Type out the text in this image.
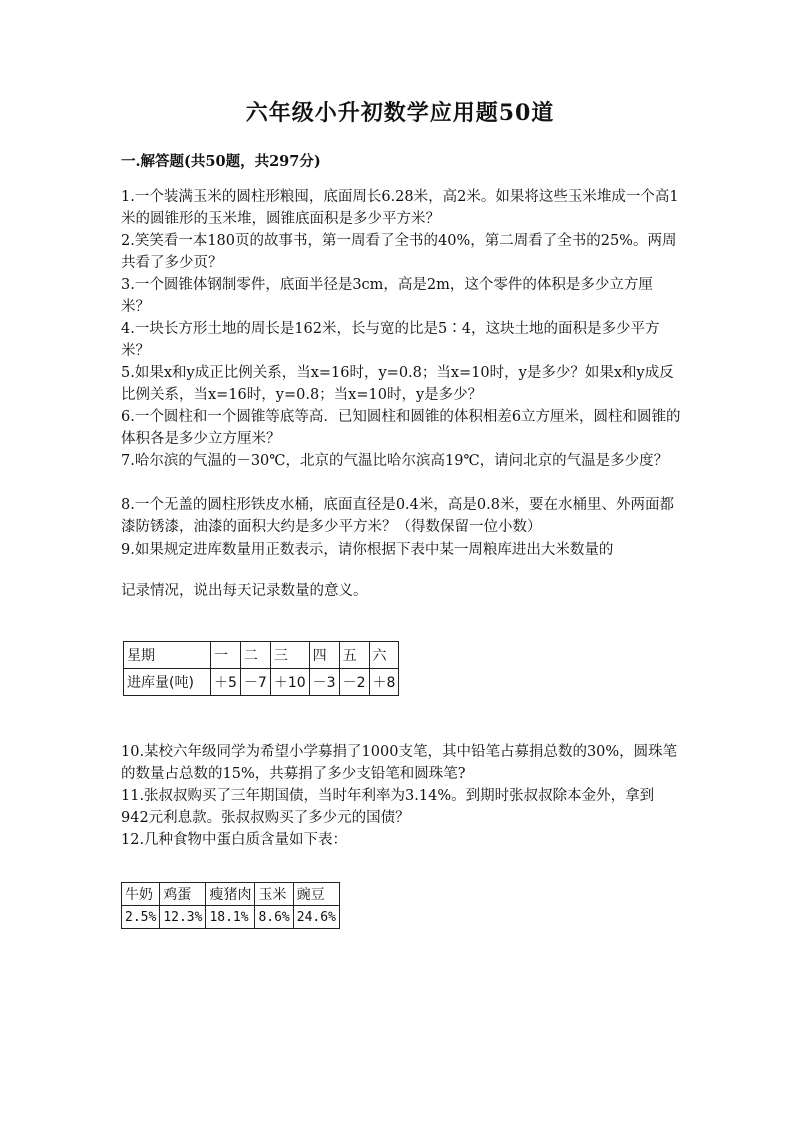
六年级小升初数学应用题50道
一.解答题(共50题，共297分)
1.一个装满玉米的圆柱形粮囤，底面周长6.28米，高2米。如果将这些玉米堆成一个高1米的圆锥形的玉米堆，圆锥底面积是多少平方米？
2.笑笑看一本180页的故事书，第一周看了全书的40%，第二周看了全书的25%。两周共看了多少页？
3.一个圆锥体钢制零件，底面半径是3cm，高是2m，这个零件的体积是多少立方厘米？
4.一块长方形土地的周长是162米，长与宽的比是5∶4，这块土地的面积是多少平方米？
5.如果x和y成正比例关系，当x=16时，y=0.8；当x=10时，y是多少？如果x和y成反比例关系，当x=16时，y=0.8；当x=10时，y是多少？
6.一个圆柱和一个圆锥等底等高．已知圆柱和圆锥的体积相差6立方厘米，圆柱和圆锥的体积各是多少立方厘米？
7.哈尔滨的气温的－30℃，北京的气温比哈尔滨高19℃，请问北京的气温是多少度？
8.一个无盖的圆柱形铁皮水桶，底面直径是0.4米，高是0.8米，要在水桶里、外两面都漆防锈漆，油漆的面积大约是多少平方米？（得数保留一位小数）
9.如果规定进库数量用正数表示，请你根据下表中某一周粮库进出大米数量的
记录情况，说出每天记录数量的意义。
星期	一	二	三	四	五	六
进库量(吨)	＋5	－7	＋10	－3	－2	＋8
10.某校六年级同学为希望小学募捐了1000支笔，其中铅笔占募捐总数的30%，圆珠笔的数量占总数的15%，共募捐了多少支铅笔和圆珠笔?
11.张叔叔购买了三年期国债，当时年利率为3.14%。到期时张叔叔除本金外，拿到942元利息款。张叔叔购买了多少元的国债？
12.几种食物中蛋白质含量如下表：
牛奶	鸡蛋	瘦猪肉	玉米	豌豆
2.5%	12.3%	18.1%	8.6%	24.6%
